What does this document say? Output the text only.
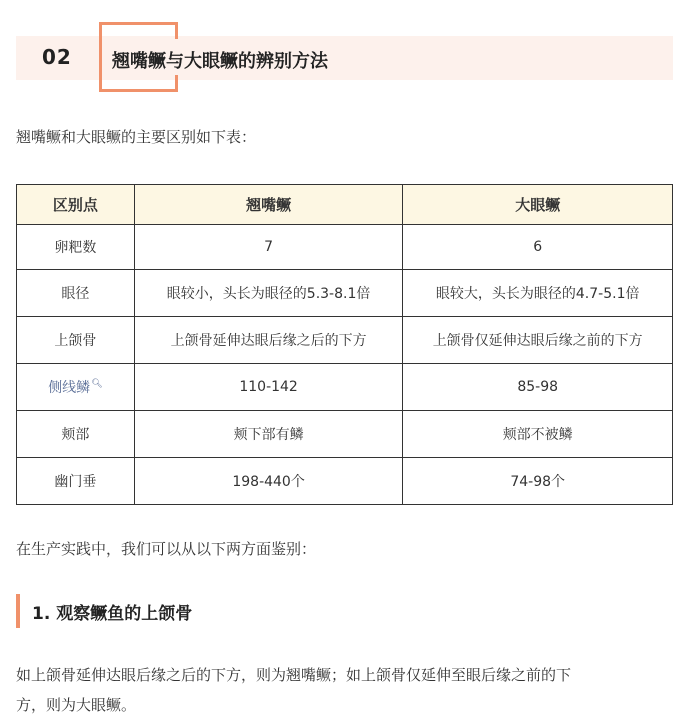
02 翘嘴鳜与大眼鳜的辨别方法
翘嘴鳜和大眼鳜的主要区别如下表：
区别点	翘嘴鳜	大眼鳜
卵粑数	7	6
眼径	眼较小，头长为眼径的5.3-8.1倍	眼较大，头长为眼径的4.7-5.1倍
上颌骨	上颌骨延伸达眼后缘之后的下方	上颌骨仅延伸达眼后缘之前的下方
侧线鳞🔍︎	110-142	85-98
颊部	颊下部有鳞	颊部不被鳞
幽门垂	198-440个	74-98个
在生产实践中，我们可以从以下两方面鉴别：
1. 观察鳜鱼的上颌骨
如上颌骨延伸达眼后缘之后的下方，则为翘嘴鳜；如上颌骨仅延伸至眼后缘之前的下
方，则为大眼鳜。
